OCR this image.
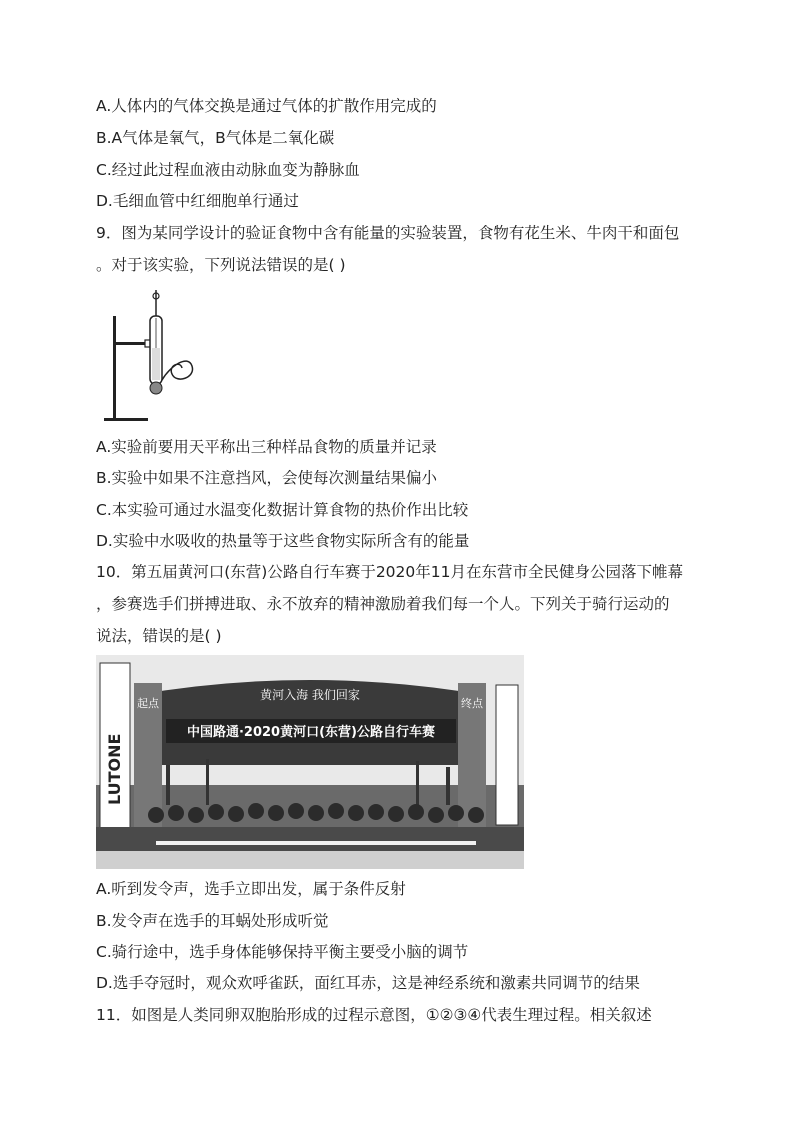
A.人体内的气体交换是通过气体的扩散作用完成的
B.A气体是氧气，B气体是二氧化碳
C.经过此过程血液由动脉血变为静脉血
D.毛细血管中红细胞单行通过
9．图为某同学设计的验证食物中含有能量的实验装置，食物有花生米、牛肉干和面包
。对于该实验，下列说法错误的是( )
A.实验前要用天平称出三种样品食物的质量并记录
B.实验中如果不注意挡风，会使每次测量结果偏小
C.本实验可通过水温变化数据计算食物的热价作出比较
D.实验中水吸收的热量等于这些食物实际所含有的能量
10．第五届黄河口(东营)公路自行车赛于2020年11月在东营市全民健身公园落下帷幕
，参赛选手们拼搏进取、永不放弃的精神激励着我们每一个人。下列关于骑行运动的
说法，错误的是( )
黄河入海 我们回家
中国路通·2020黄河口(东营)公路自行车赛
起点	终点
LUTONE
A.听到发令声，选手立即出发，属于条件反射
B.发令声在选手的耳蜗处形成听觉
C.骑行途中，选手身体能够保持平衡主要受小脑的调节
D.选手夺冠时，观众欢呼雀跃，面红耳赤，这是神经系统和激素共同调节的结果
11．如图是人类同卵双胞胎形成的过程示意图，①②③④代表生理过程。相关叙述
